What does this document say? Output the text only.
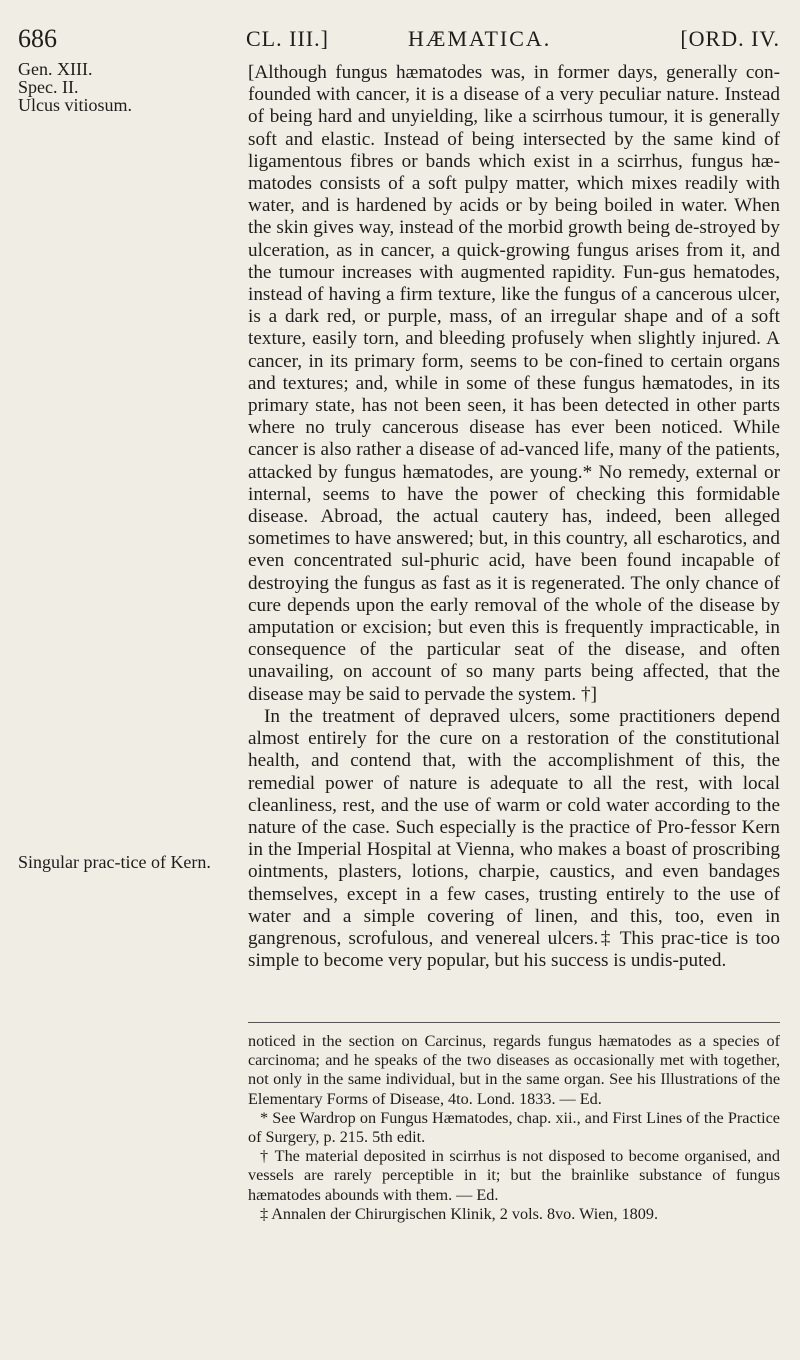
686	CL. III.]	HÆMATICA.	[ORD. IV.

Gen. XIII.

Spec. II.

Ulcus vitiosum.

Singular prac-tice of Kern.

[Although fungus hæmatodes was, in former days, generally con-founded with cancer, it is a disease of a very peculiar nature. Instead of being hard and unyielding, like a scirrhous tumour, it is generally soft and elastic. Instead of being intersected by the same kind of ligamentous fibres or bands which exist in a scirrhus, fungus hæ-matodes consists of a soft pulpy matter, which mixes readily with water, and is hardened by acids or by being boiled in water. When the skin gives way, instead of the morbid growth being de-stroyed by ulceration, as in cancer, a quick-growing fungus arises from it, and the tumour increases with augmented rapidity. Fun-gus hematodes, instead of having a firm texture, like the fungus of a cancerous ulcer, is a dark red, or purple, mass, of an irregular shape and of a soft texture, easily torn, and bleeding profusely when slightly injured. A cancer, in its primary form, seems to be con-fined to certain organs and textures; and, while in some of these fungus hæmatodes, in its primary state, has not been seen, it has been detected in other parts where no truly cancerous disease has ever been noticed. While cancer is also rather a disease of ad-vanced life, many of the patients, attacked by fungus hæmatodes, are young.* No remedy, external or internal, seems to have the power of checking this formidable disease. Abroad, the actual cautery has, indeed, been alleged sometimes to have answered; but, in this country, all escharotics, and even concentrated sul-phuric acid, have been found incapable of destroying the fungus as fast as it is regenerated. The only chance of cure depends upon the early removal of the whole of the disease by amputation or excision; but even this is frequently impracticable, in consequence of the particular seat of the disease, and often unavailing, on account of so many parts being affected, that the disease may be said to pervade the system. †]

In the treatment of depraved ulcers, some practitioners depend almost entirely for the cure on a restoration of the constitutional health, and contend that, with the accomplishment of this, the remedial power of nature is adequate to all the rest, with local cleanliness, rest, and the use of warm or cold water according to the nature of the case. Such especially is the practice of Pro-fessor Kern in the Imperial Hospital at Vienna, who makes a boast of proscribing ointments, plasters, lotions, charpie, caustics, and even bandages themselves, except in a few cases, trusting entirely to the use of water and a simple covering of linen, and this, too, even in gangrenous, scrofulous, and venereal ulcers.‡ This prac-tice is too simple to become very popular, but his success is undis-puted.

noticed in the section on Carcinus, regards fungus hæmatodes as a species of carcinoma; and he speaks of the two diseases as occasionally met with together, not only in the same individual, but in the same organ. See his Illustrations of the Elementary Forms of Disease, 4to. Lond. 1833. — Ed.

* See Wardrop on Fungus Hæmatodes, chap. xii., and First Lines of the Practice of Surgery, p. 215. 5th edit.

† The material deposited in scirrhus is not disposed to become organised, and vessels are rarely perceptible in it; but the brainlike substance of fungus hæmatodes abounds with them. — Ed.

‡ Annalen der Chirurgischen Klinik, 2 vols. 8vo. Wien, 1809.
